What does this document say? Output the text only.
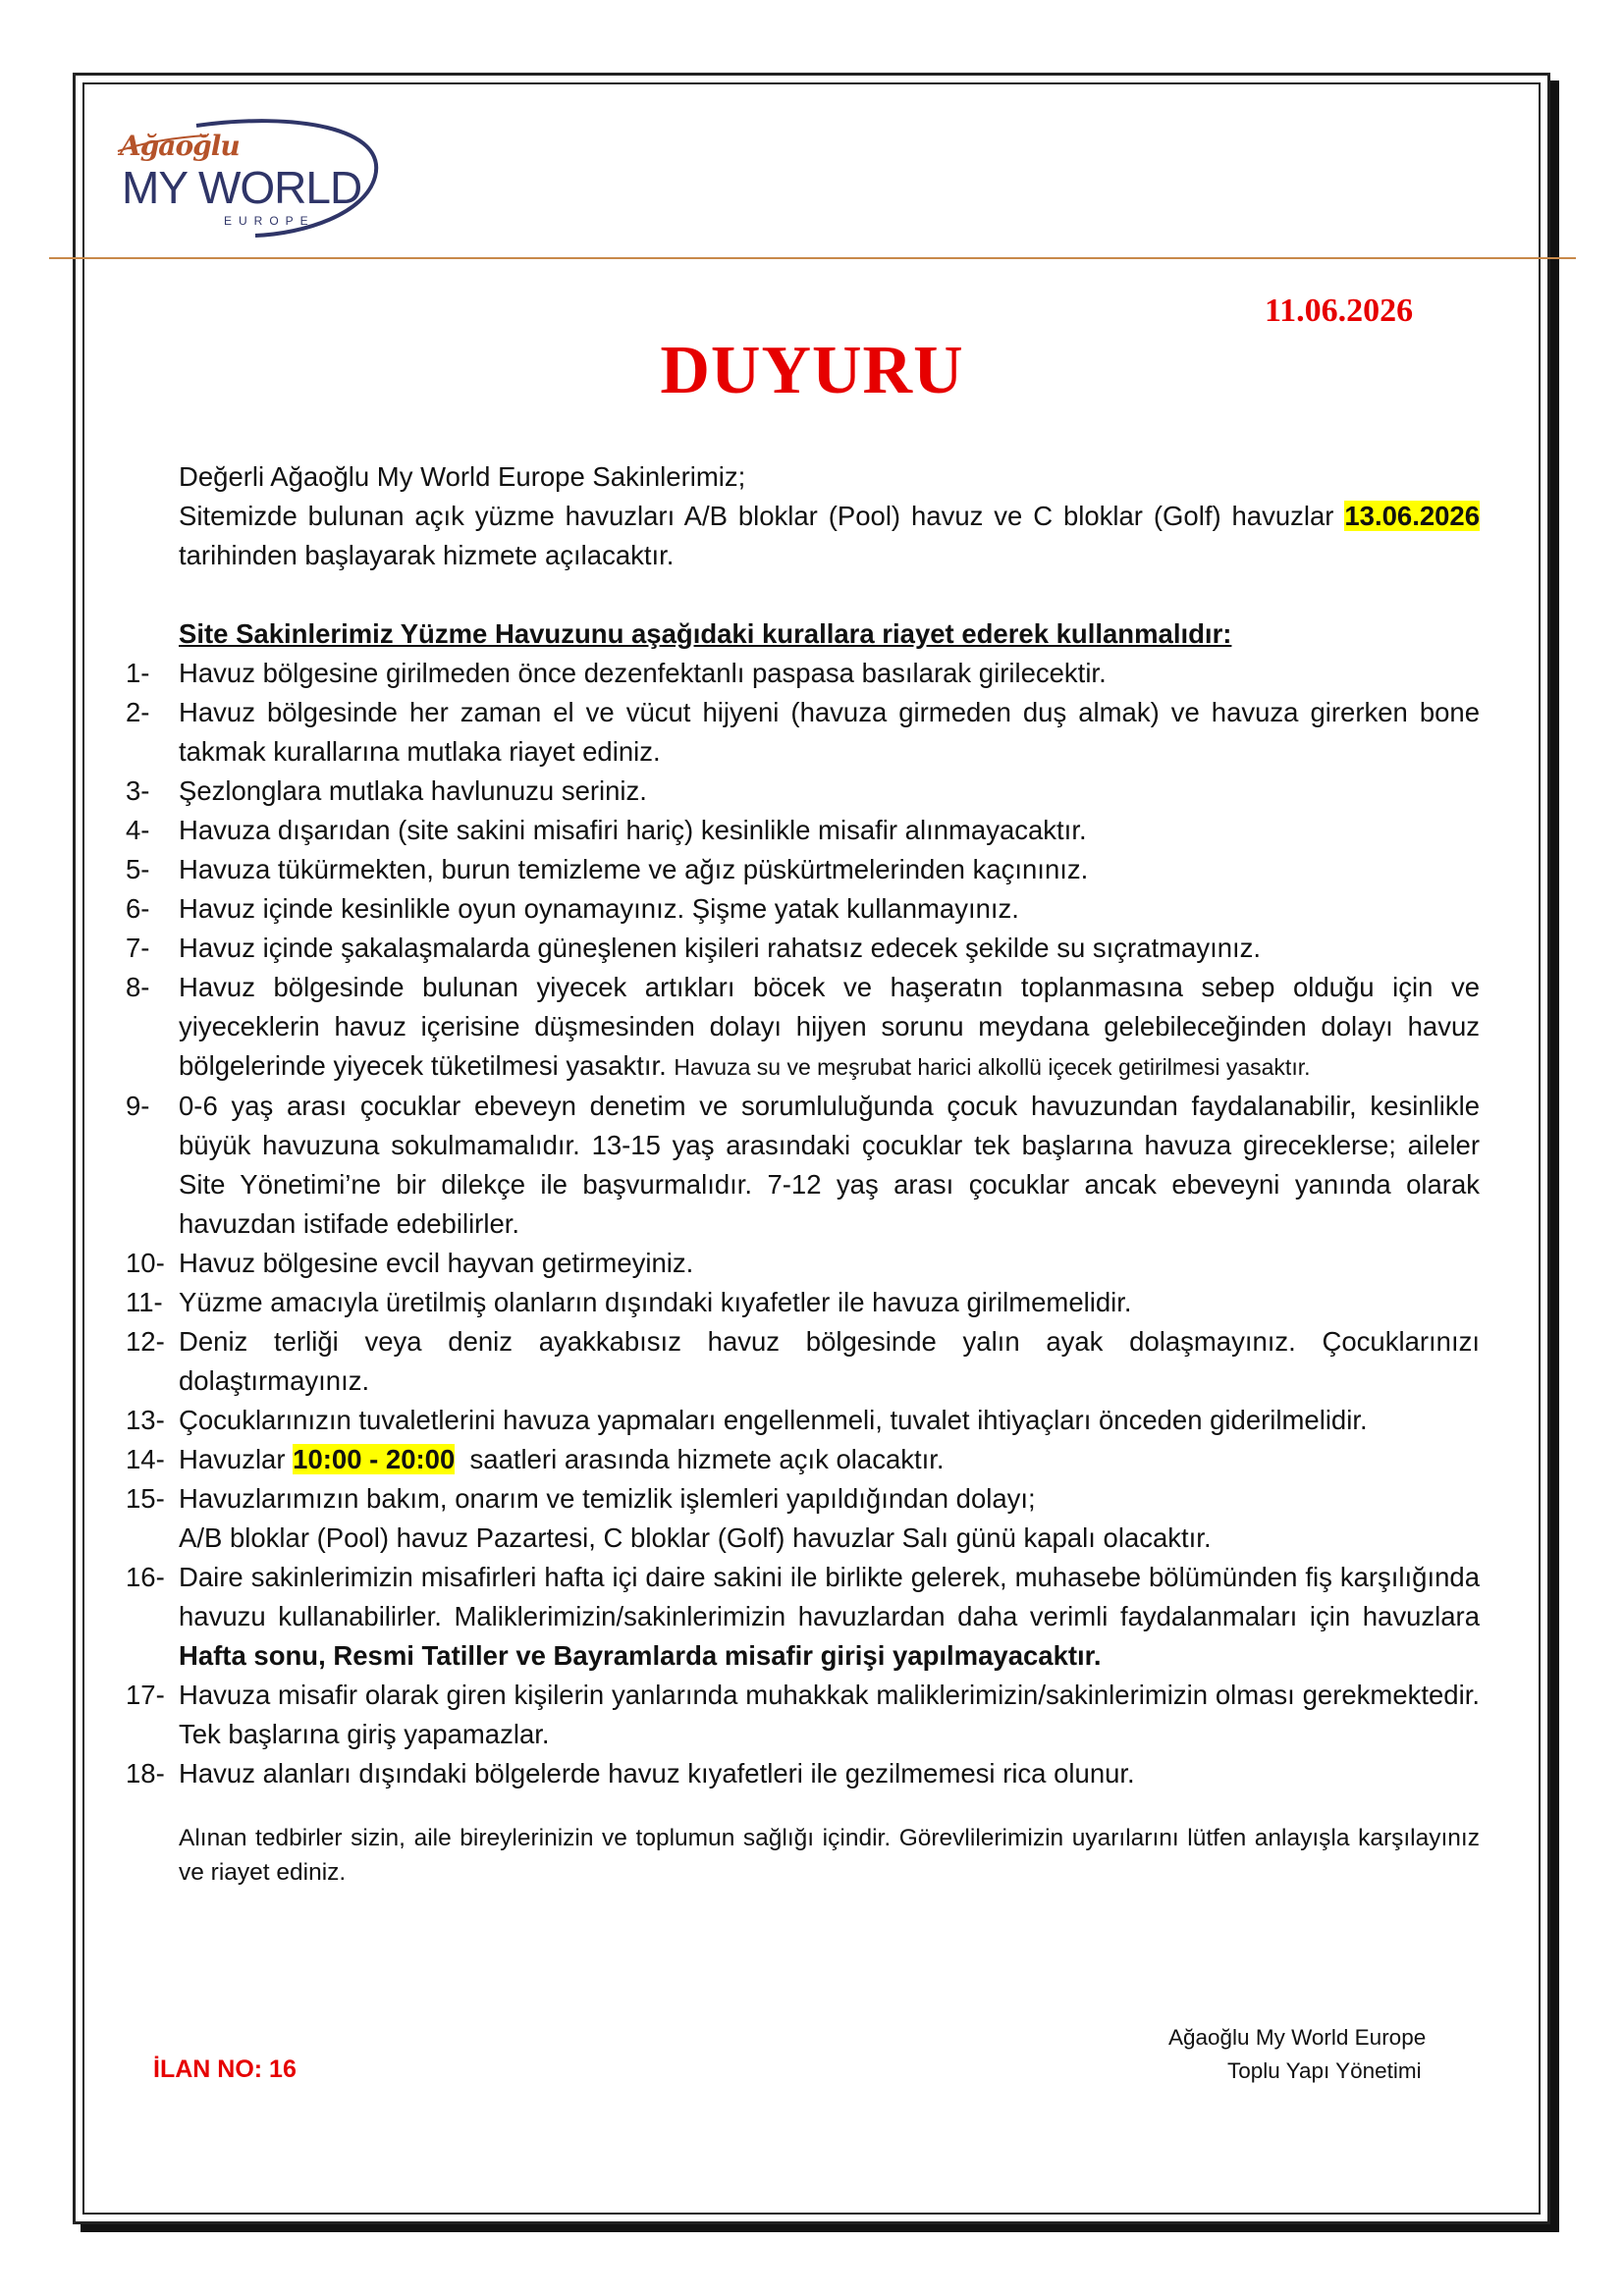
Ağaoğlu
MY WORLD
EUROPE
11.06.2026
DUYURU

Değerli Ağaoğlu My World Europe Sakinlerimiz;

Sitemizde bulunan açık yüzme havuzları A/B bloklar (Pool) havuz ve C bloklar (Golf) havuzlar 13.06.2026 tarihinden başlayarak hizmete açılacaktır.

Site Sakinlerimiz Yüzme Havuzunu aşağıdaki kurallara riayet ederek kullanmalıdır:

1- Havuz bölgesine girilmeden önce dezenfektanlı paspasa basılarak girilecektir.
2- Havuz bölgesinde her zaman el ve vücut hijyeni (havuza girmeden duş almak) ve havuza girerken bone takmak kurallarına mutlaka riayet ediniz.
3- Şezlonglara mutlaka havlunuzu seriniz.
4- Havuza dışarıdan (site sakini misafiri hariç) kesinlikle misafir alınmayacaktır.
5- Havuza tükürmekten, burun temizleme ve ağız püskürtmelerinden kaçınınız.
6- Havuz içinde kesinlikle oyun oynamayınız. Şişme yatak kullanmayınız.
7- Havuz içinde şakalaşmalarda güneşlenen kişileri rahatsız edecek şekilde su sıçratmayınız.
8- Havuz bölgesinde bulunan yiyecek artıkları böcek ve haşeratın toplanmasına sebep olduğu için ve yiyeceklerin havuz içerisine düşmesinden dolayı hijyen sorunu meydana gelebileceğinden dolayı havuz bölgelerinde yiyecek tüketilmesi yasaktır. Havuza su ve meşrubat harici alkollü içecek getirilmesi yasaktır.
9- 0-6 yaş arası çocuklar ebeveyn denetim ve sorumluluğunda çocuk havuzundan faydalanabilir, kesinlikle büyük havuzuna sokulmamalıdır. 13-15 yaş arasındaki çocuklar tek başlarına havuza gireceklerse; aileler Site Yönetimi’ne bir dilekçe ile başvurmalıdır. 7-12 yaş arası çocuklar ancak ebeveyni yanında olarak havuzdan istifade edebilirler.
10- Havuz bölgesine evcil hayvan getirmeyiniz.
11- Yüzme amacıyla üretilmiş olanların dışındaki kıyafetler ile havuza girilmemelidir.
12- Deniz terliği veya deniz ayakkabısız havuz bölgesinde yalın ayak dolaşmayınız. Çocuklarınızı dolaştırmayınız.
13- Çocuklarınızın tuvaletlerini havuza yapmaları engellenmeli, tuvalet ihtiyaçları önceden giderilmelidir.
14- Havuzlar 10:00 - 20:00 saatleri arasında hizmete açık olacaktır.
15- Havuzlarımızın bakım, onarım ve temizlik işlemleri yapıldığından dolayı;
A/B bloklar (Pool) havuz Pazartesi, C bloklar (Golf) havuzlar Salı günü kapalı olacaktır.
16- Daire sakinlerimizin misafirleri hafta içi daire sakini ile birlikte gelerek, muhasebe bölümünden fiş karşılığında havuzu kullanabilirler. Maliklerimizin/sakinlerimizin havuzlardan daha verimli faydalanmaları için havuzlara Hafta sonu, Resmi Tatiller ve Bayramlarda misafir girişi yapılmayacaktır.
17- Havuza misafir olarak giren kişilerin yanlarında muhakkak maliklerimizin/sakinlerimizin olması gerekmektedir. Tek başlarına giriş yapamazlar.
18- Havuz alanları dışındaki bölgelerde havuz kıyafetleri ile gezilmemesi rica olunur.

Alınan tedbirler sizin, aile bireylerinizin ve toplumun sağlığı içindir. Görevlilerimizin uyarılarını lütfen anlayışla karşılayınız ve riayet ediniz.

Ağaoğlu My World Europe
Toplu Yapı Yönetimi
İLAN NO: 16
